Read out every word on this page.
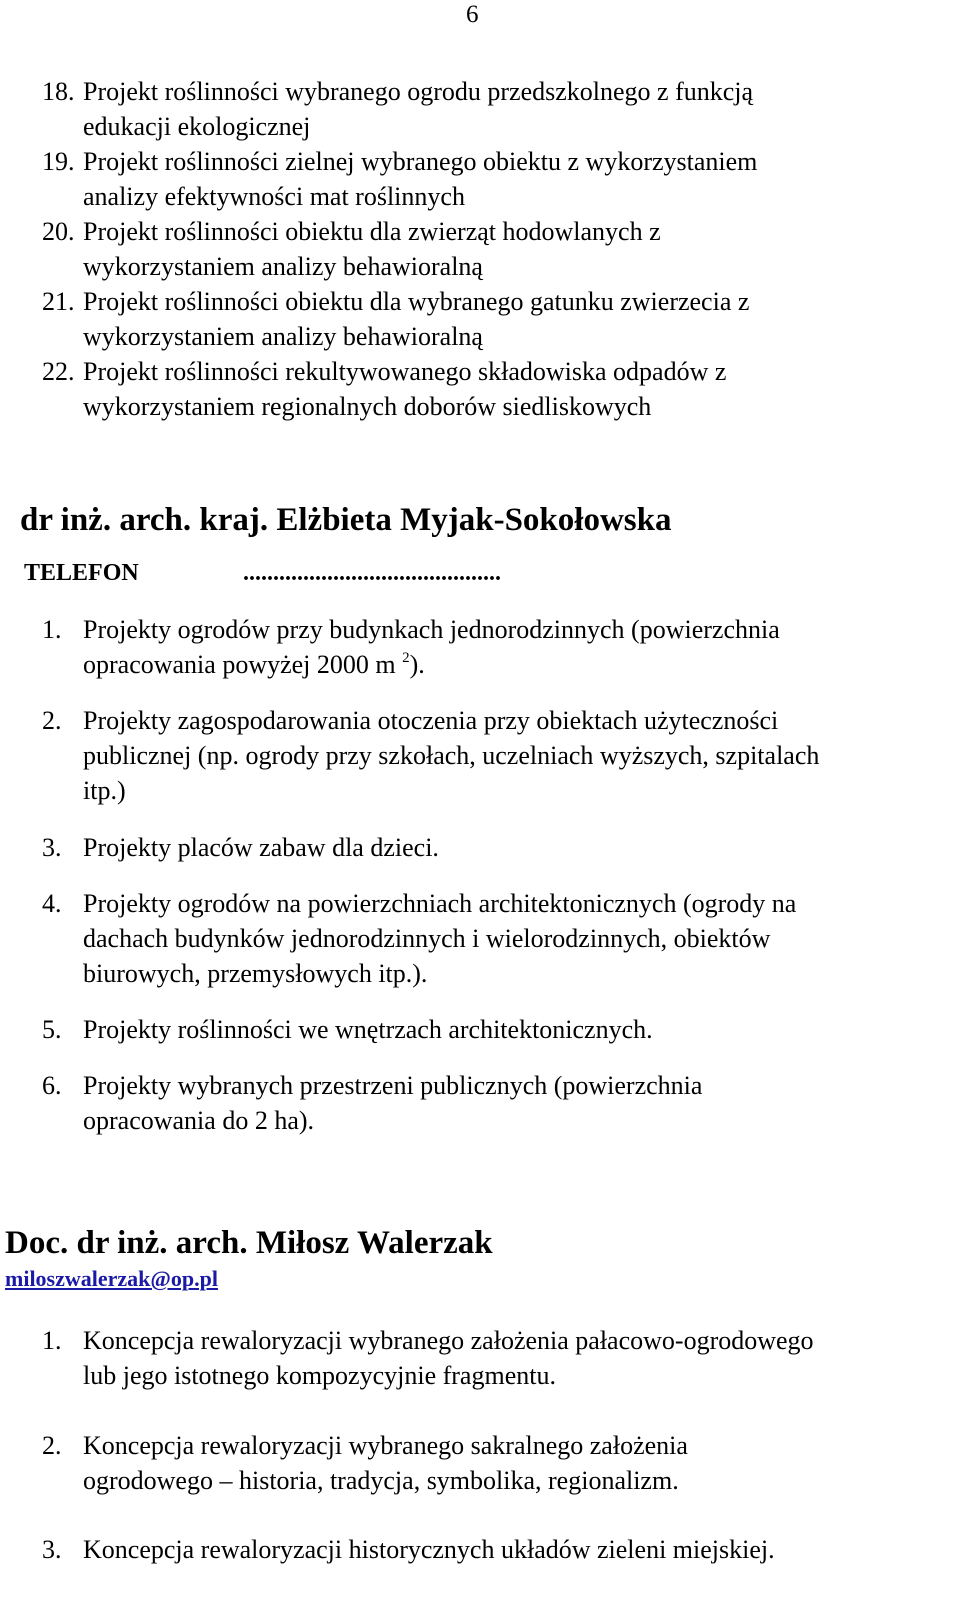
6
18. Projekt roślinności wybranego ogrodu przedszkolnego z funkcją
edukacji ekologicznej
19. Projekt roślinności zielnej wybranego obiektu z wykorzystaniem
analizy efektywności mat roślinnych
20. Projekt roślinności obiektu dla zwierząt hodowlanych z
wykorzystaniem analizy behawioralną
21. Projekt roślinności obiektu dla wybranego gatunku zwierzecia z
wykorzystaniem analizy behawioralną
22. Projekt roślinności rekultywowanego składowiska odpadów z
wykorzystaniem regionalnych doborów siedliskowych
dr inż. arch. kraj. Elżbieta Myjak-Sokołowska
TELEFON	...........................................
1. Projekty ogrodów przy budynkach jednorodzinnych (powierzchnia
opracowania powyżej 2000 m $^2$).
2. Projekty zagospodarowania otoczenia przy obiektach użyteczności
publicznej (np. ogrody przy szkołach, uczelniach wyższych, szpitalach
itp.)
3. Projekty placów zabaw dla dzieci.
4. Projekty ogrodów na powierzchniach architektonicznych (ogrody na
dachach budynków jednorodzinnych i wielorodzinnych, obiektów
biurowych, przemysłowych itp.).
5. Projekty roślinności we wnętrzach architektonicznych.
6. Projekty wybranych przestrzeni publicznych (powierzchnia
opracowania do 2 ha).
Doc. dr inż. arch. Miłosz Walerzak
miloszwalerzak@op.pl
1. Koncepcja rewaloryzacji wybranego założenia pałacowo-ogrodowego
lub jego istotnego kompozycyjnie fragmentu.
2. Koncepcja rewaloryzacji wybranego sakralnego założenia
ogrodowego – historia, tradycja, symbolika, regionalizm.
3. Koncepcja rewaloryzacji historycznych układów zieleni miejskiej.
